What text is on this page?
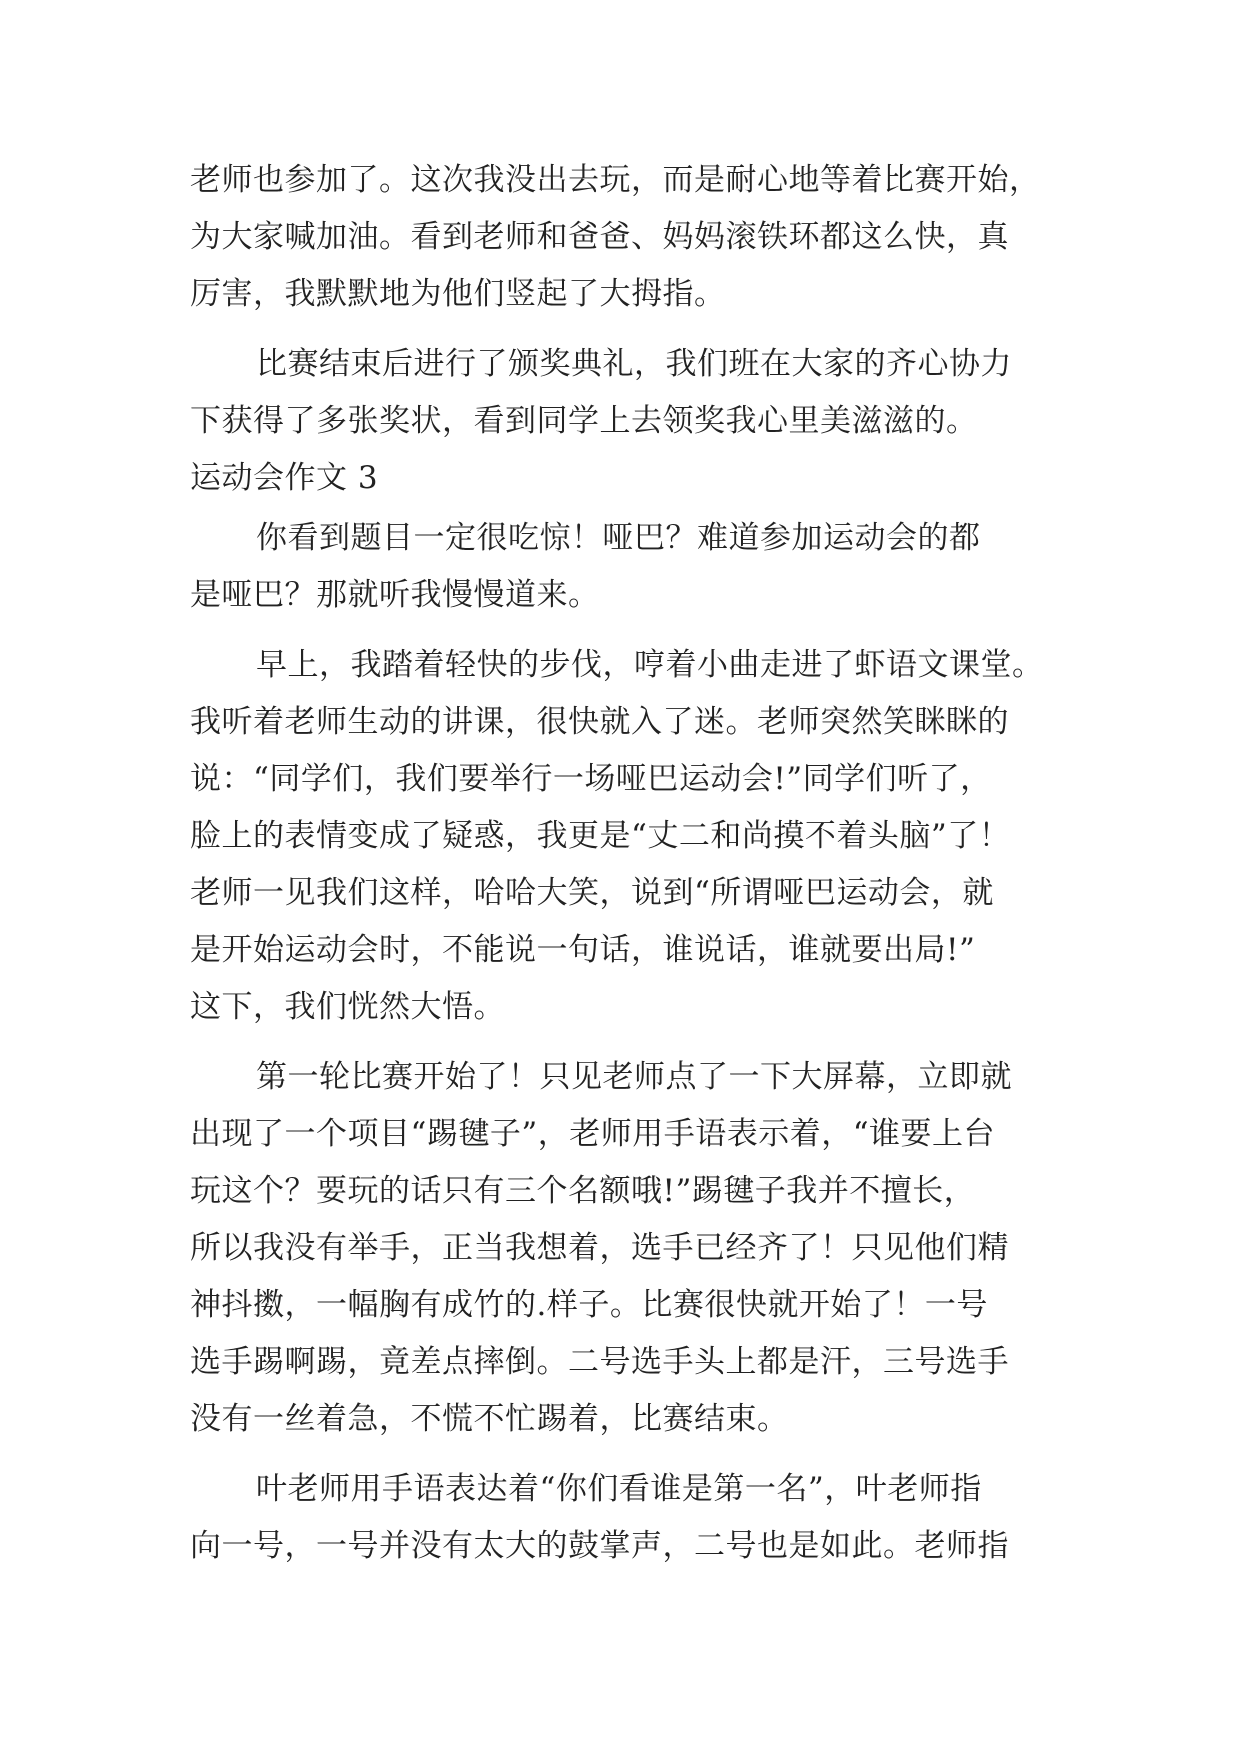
老师也参加了。这次我没出去玩，而是耐心地等着比赛开始，
为大家喊加油。看到老师和爸爸、妈妈滚铁环都这么快，真
厉害，我默默地为他们竖起了大拇指。
比赛结束后进行了颁奖典礼，我们班在大家的齐心协力
下获得了多张奖状，看到同学上去领奖我心里美滋滋的。
运动会作文 3
你看到题目一定很吃惊！哑巴？难道参加运动会的都
是哑巴？那就听我慢慢道来。
早上，我踏着轻快的步伐，哼着小曲走进了虾语文课堂。
我听着老师生动的讲课，很快就入了迷。老师突然笑眯眯的
说：“同学们，我们要举行一场哑巴运动会!”同学们听了，
脸上的表情变成了疑惑，我更是“丈二和尚摸不着头脑”了！
老师一见我们这样，哈哈大笑，说到“所谓哑巴运动会，就
是开始运动会时，不能说一句话，谁说话，谁就要出局!”
这下，我们恍然大悟。
第一轮比赛开始了！只见老师点了一下大屏幕，立即就
出现了一个项目“踢毽子”，老师用手语表示着，“谁要上台
玩这个？要玩的话只有三个名额哦!”踢毽子我并不擅长，
所以我没有举手，正当我想着，选手已经齐了！只见他们精
神抖擞，一幅胸有成竹的.样子。比赛很快就开始了！一号
选手踢啊踢，竟差点摔倒。二号选手头上都是汗，三号选手
没有一丝着急，不慌不忙踢着，比赛结束。
叶老师用手语表达着“你们看谁是第一名”，叶老师指
向一号，一号并没有太大的鼓掌声，二号也是如此。老师指
